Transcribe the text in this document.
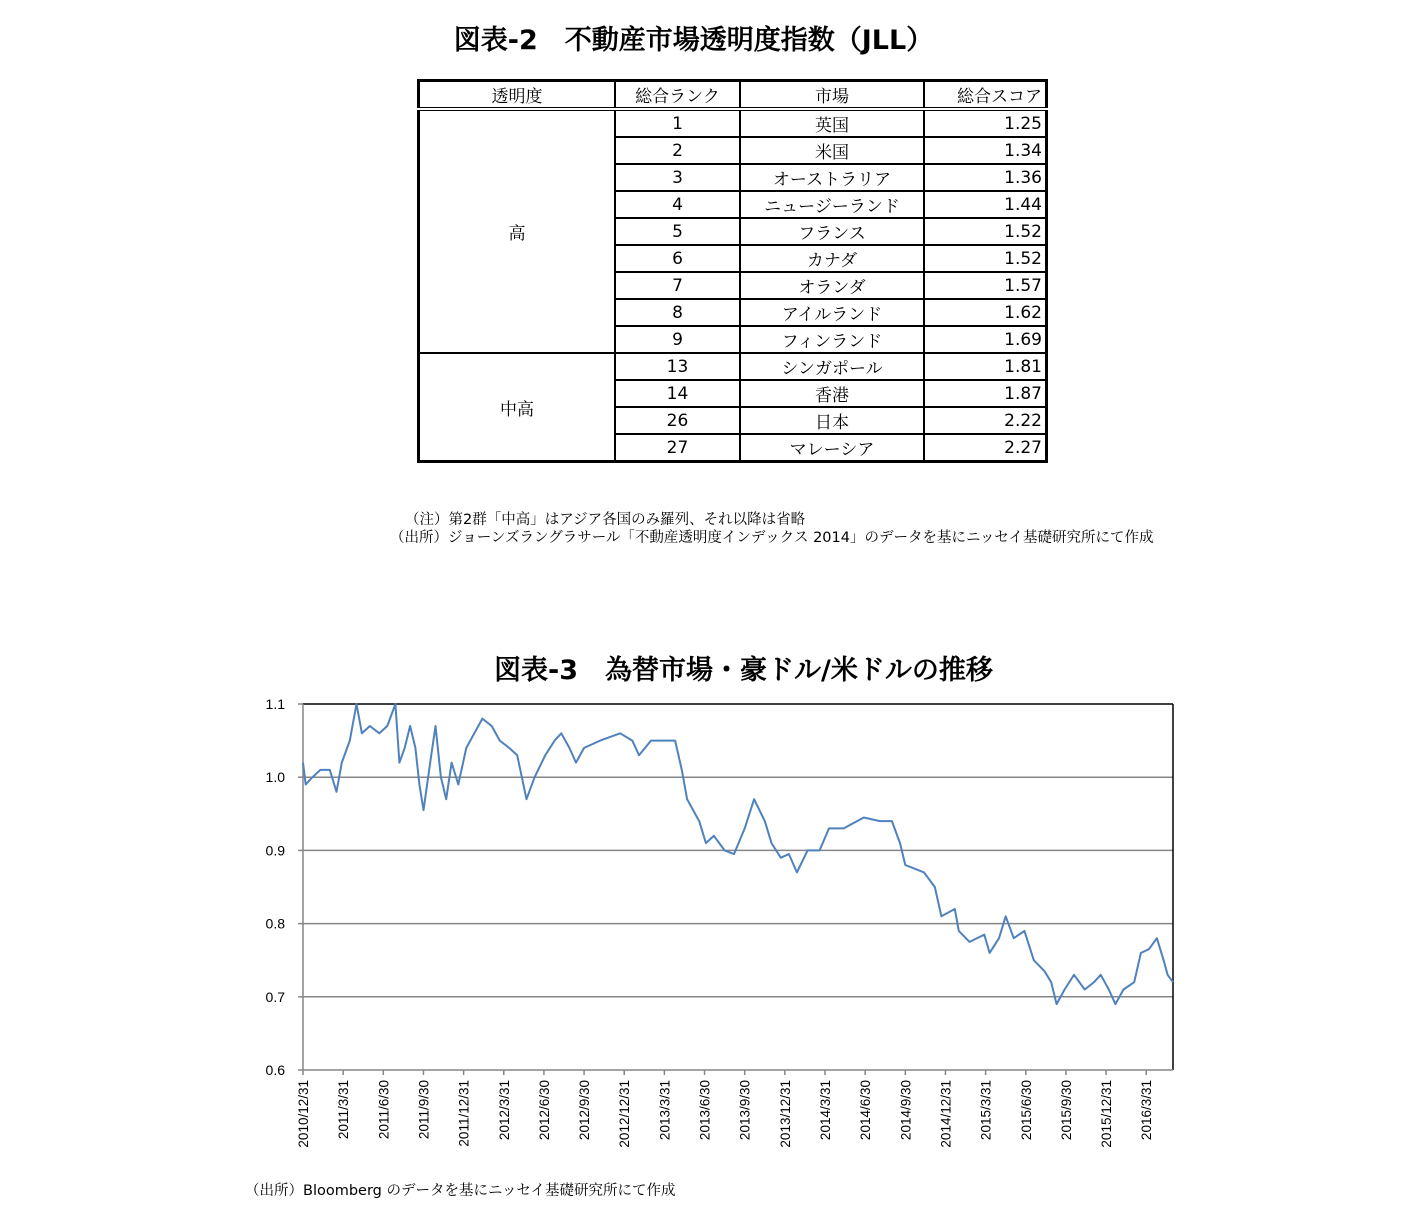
図表-2　不動産市場透明度指数（JLL）
透明度	総合ランク	市場	総合スコア
高	1	英国	1.25
	2	米国	1.34
	3	オーストラリア	1.36
	4	ニュージーランド	1.44
	5	フランス	1.52
	6	カナダ	1.52
	7	オランダ	1.57
	8	アイルランド	1.62
	9	フィンランド	1.69
中高	13	シンガポール	1.81
	14	香港	1.87
	26	日本	2.22
	27	マレーシア	2.27
（注）第2群「中高」はアジア各国のみ羅列、それ以降は省略
（出所）ジョーンズラングラサール「不動産透明度インデックス 2014」のデータを基にニッセイ基礎研究所にて作成
図表-3　為替市場・豪ドル/米ドルの推移
0.6
0.7
0.8
0.9
1.0
1.1
2010/12/31 2011/3/31 2011/6/30 2011/9/30 2011/12/31 2012/3/31 2012/6/30 2012/9/30 2012/12/31 2013/3/31 2013/6/30 2013/9/30 2013/12/31 2014/3/31 2014/6/30 2014/9/30 2014/12/31 2015/3/31 2015/6/30 2015/9/30 2015/12/31 2016/3/31
（出所）Bloomberg のデータを基にニッセイ基礎研究所にて作成
